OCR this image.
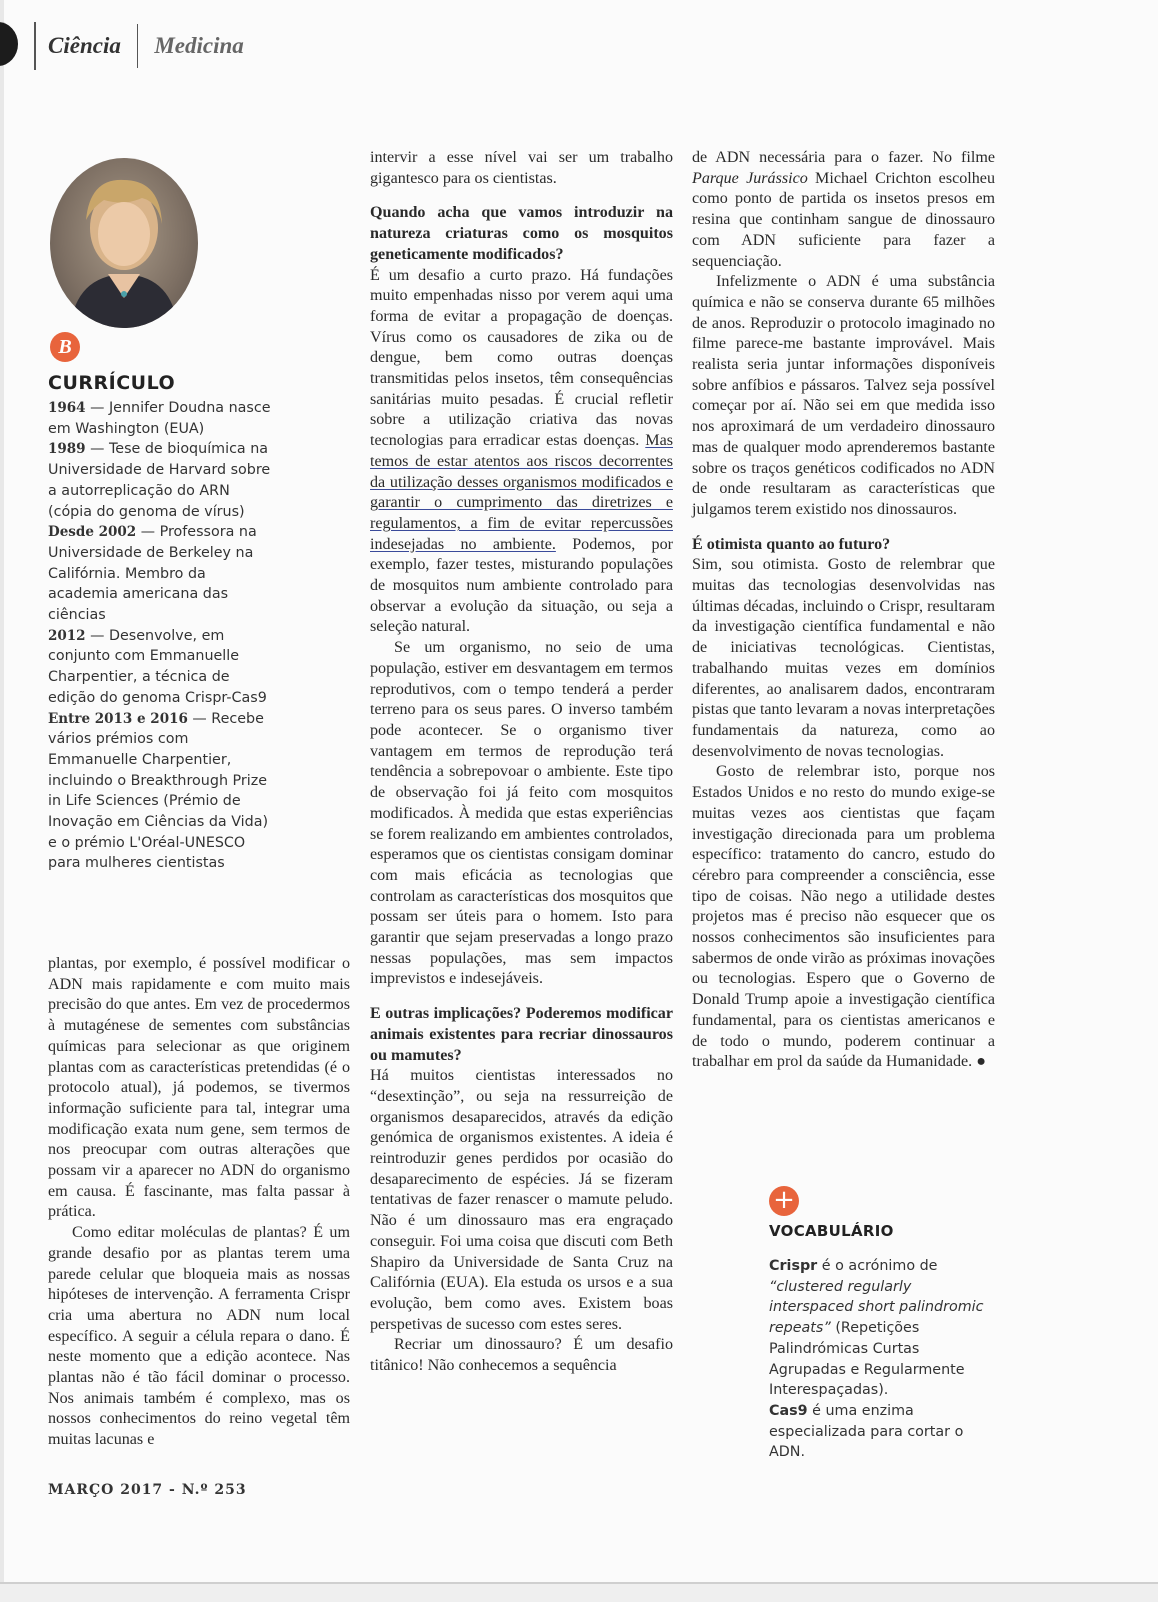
Ciência Medicina
B
CURRÍCULO

1964 — Jennifer Doudna nasce em Washington (EUA)

1989 — Tese de bioquímica na Universidade de Harvard sobre a autorreplicação do ARN (cópia do genoma de vírus)

Desde 2002 — Professora na Universidade de Berkeley na Califórnia. Membro da academia americana das ciências

2012 — Desenvolve, em conjunto com Emmanuelle Charpentier, a técnica de edição do genoma Crispr-Cas9

Entre 2013 e 2016 — Recebe vários prémios com Emmanuelle Charpentier, incluindo o Breakthrough Prize in Life Sciences (Prémio de Inovação em Ciências da Vida) e o prémio L'Oréal-UNESCO para mulheres cientistas

plantas, por exemplo, é possível modificar o ADN mais rapidamente e com muito mais precisão do que antes. Em vez de procedermos à mutagénese de sementes com substâncias químicas para selecionar as que originem plantas com as características pretendidas (é o protocolo atual), já podemos, se tivermos informação suficiente para tal, integrar uma modificação exata num gene, sem termos de nos preocupar com outras alterações que possam vir a aparecer no ADN do organismo em causa. É fascinante, mas falta passar à prática.

Como editar moléculas de plantas? É um grande desafio por as plantas terem uma parede celular que bloqueia mais as nossas hipóteses de intervenção. A ferramenta Crispr cria uma abertura no ADN num local específico. A seguir a célula repara o dano. É neste momento que a edição acontece. Nas plantas não é tão fácil dominar o processo. Nos animais também é complexo, mas os nossos conhecimentos do reino vegetal têm muitas lacunas e

intervir a esse nível vai ser um trabalho gigantesco para os cientistas.

Quando acha que vamos introduzir na natureza criaturas como os mosquitos geneticamente modificados?

É um desafio a curto prazo. Há fundações muito empenhadas nisso por verem aqui uma forma de evitar a propagação de doenças. Vírus como os causadores de zika ou de dengue, bem como outras doenças transmitidas pelos insetos, têm consequências sanitárias muito pesadas. É crucial refletir sobre a utilização criativa das novas tecnologias para erradicar estas doenças. Mas temos de estar atentos aos riscos decorrentes da utilização desses organismos modificados e garantir o cumprimento das diretrizes e regulamentos, a fim de evitar repercussões indesejadas no ambiente. Podemos, por exemplo, fazer testes, misturando populações de mosquitos num ambiente controlado para observar a evolução da situação, ou seja a seleção natural.

Se um organismo, no seio de uma população, estiver em desvantagem em termos reprodutivos, com o tempo tenderá a perder terreno para os seus pares. O inverso também pode acontecer. Se o organismo tiver vantagem em termos de reprodução terá tendência a sobrepovoar o ambiente. Este tipo de observação foi já feito com mosquitos modificados. À medida que estas experiências se forem realizando em ambientes controlados, esperamos que os cientistas consigam dominar com mais eficácia as tecnologias que controlam as características dos mosquitos que possam ser úteis para o homem. Isto para garantir que sejam preservadas a longo prazo nessas populações, mas sem impactos imprevistos e indesejáveis.

E outras implicações? Poderemos modificar animais existentes para recriar dinossauros ou mamutes?

Há muitos cientistas interessados no “desextinção”, ou seja na ressurreição de organismos desaparecidos, através da edição genómica de organismos existentes. A ideia é reintroduzir genes perdidos por ocasião do desaparecimento de espécies. Já se fizeram tentativas de fazer renascer o mamute peludo. Não é um dinossauro mas era engraçado conseguir. Foi uma coisa que discuti com Beth Shapiro da Universidade de Santa Cruz na Califórnia (EUA). Ela estuda os ursos e a sua evolução, bem como aves. Existem boas perspetivas de sucesso com estes seres.

Recriar um dinossauro? É um desafio titânico! Não conhecemos a sequência

de ADN necessária para o fazer. No filme Parque Jurássico Michael Crichton escolheu como ponto de partida os insetos presos em resina que continham sangue de dinossauro com ADN suficiente para fazer a sequenciação.

Infelizmente o ADN é uma substância química e não se conserva durante 65 milhões de anos. Reproduzir o protocolo imaginado no filme parece-me bastante improvável. Mais realista seria juntar informações disponíveis sobre anfíbios e pássaros. Talvez seja possível começar por aí. Não sei em que medida isso nos aproximará de um verdadeiro dinossauro mas de qualquer modo aprenderemos bastante sobre os traços genéticos codificados no ADN de onde resultaram as características que julgamos terem existido nos dinossauros.

É otimista quanto ao futuro?

Sim, sou otimista. Gosto de relembrar que muitas das tecnologias desenvolvidas nas últimas décadas, incluindo o Crispr, resultaram da investigação científica fundamental e não de iniciativas tecnológicas. Cientistas, trabalhando muitas vezes em domínios diferentes, ao analisarem dados, encontraram pistas que tanto levaram a novas interpretações fundamentais da natureza, como ao desenvolvimento de novas tecnologias.

Gosto de relembrar isto, porque nos Estados Unidos e no resto do mundo exige-se muitas vezes aos cientistas que façam investigação direcionada para um problema específico: tratamento do cancro, estudo do cérebro para compreender a consciência, esse tipo de coisas. Não nego a utilidade destes projetos mas é preciso não esquecer que os nossos conhecimentos são insuficientes para sabermos de onde virão as próximas inovações ou tecnologias. Espero que o Governo de Donald Trump apoie a investigação científica fundamental, para os cientistas americanos e de todo o mundo, poderem continuar a trabalhar em prol da saúde da Humanidade. ●

+
VOCABULÁRIO

Crispr é o acrónimo de “clustered regularly interspaced short palindromic repeats” (Repetições Palindrómicas Curtas Agrupadas e Regularmente Interespaçadas).

Cas9 é uma enzima especializada para cortar o ADN.

MARÇO 2017 - N.º 253
